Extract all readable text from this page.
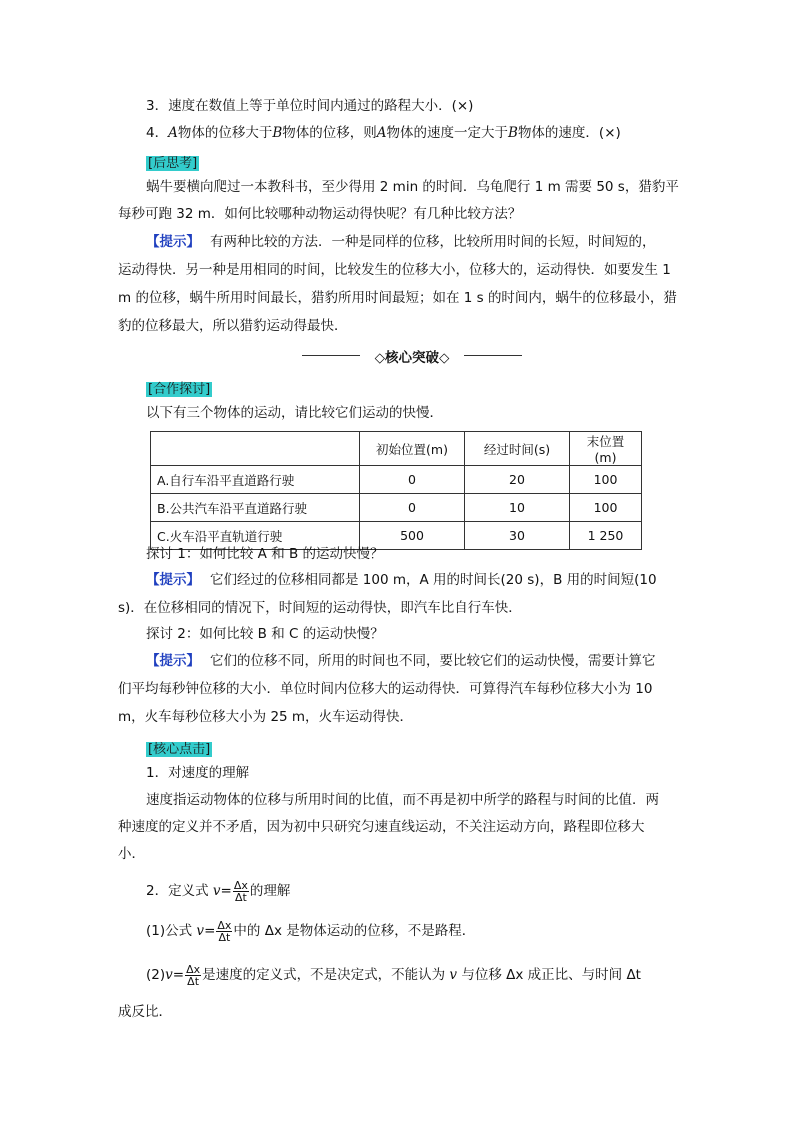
3．速度在数值上等于单位时间内通过的路程大小．(×)
4．A物体的位移大于B物体的位移，则A物体的速度一定大于B物体的速度．(×)
[后思考]
蜗牛要横向爬过一本教科书，至少得用 2 min 的时间．乌龟爬行 1 m 需要 50 s，猎豹平
每秒可跑 32 m．如何比较哪种动物运动得快呢？有几种比较方法？
【提示】 有两种比较的方法．一种是同样的位移，比较所用时间的长短，时间短的，
运动得快．另一种是用相同的时间，比较发生的位移大小，位移大的，运动得快．如要发生 1
m 的位移，蜗牛所用时间最长，猎豹所用时间最短；如在 1 s 的时间内，蜗牛的位移最小，猎
豹的位移最大，所以猎豹运动得最快．
◇核心突破◇
[合作探讨]
以下有三个物体的运动，请比较它们运动的快慢．
	初始位置(m)	经过时间(s)	末位置(m)
A.自行车沿平直道路行驶	0	20	100
B.公共汽车沿平直道路行驶	0	10	100
C.火车沿平直轨道行驶	500	30	1 250
探讨 1：如何比较 A 和 B 的运动快慢？
【提示】 它们经过的位移相同都是 100 m，A 用的时间长(20 s)，B 用的时间短(10
s)．在位移相同的情况下，时间短的运动得快，即汽车比自行车快．
探讨 2：如何比较 B 和 C 的运动快慢？
【提示】 它们的位移不同，所用的时间也不同，要比较它们的运动快慢，需要计算它
们平均每秒钟位移的大小．单位时间内位移大的运动得快．可算得汽车每秒位移大小为 10
m，火车每秒位移大小为 25 m，火车运动得快．
[核心点击]
1．对速度的理解
速度指运动物体的位移与所用时间的比值，而不再是初中所学的路程与时间的比值．两
种速度的定义并不矛盾，因为初中只研究匀速直线运动，不关注运动方向，路程即位移大
小．
2．定义式 $v= \frac{\Delta x}{\Delta t}$ 的理解
(1)公式 $v= \frac{\Delta x}{\Delta t}$ 中的 Δx 是物体运动的位移，不是路程．
$(2)v= \frac{\Delta x}{\Delta t}$ 是速度的定义式，不是决定式，不能认为 v 与位移 Δx 成正比、与时间 Δt
成反比．
